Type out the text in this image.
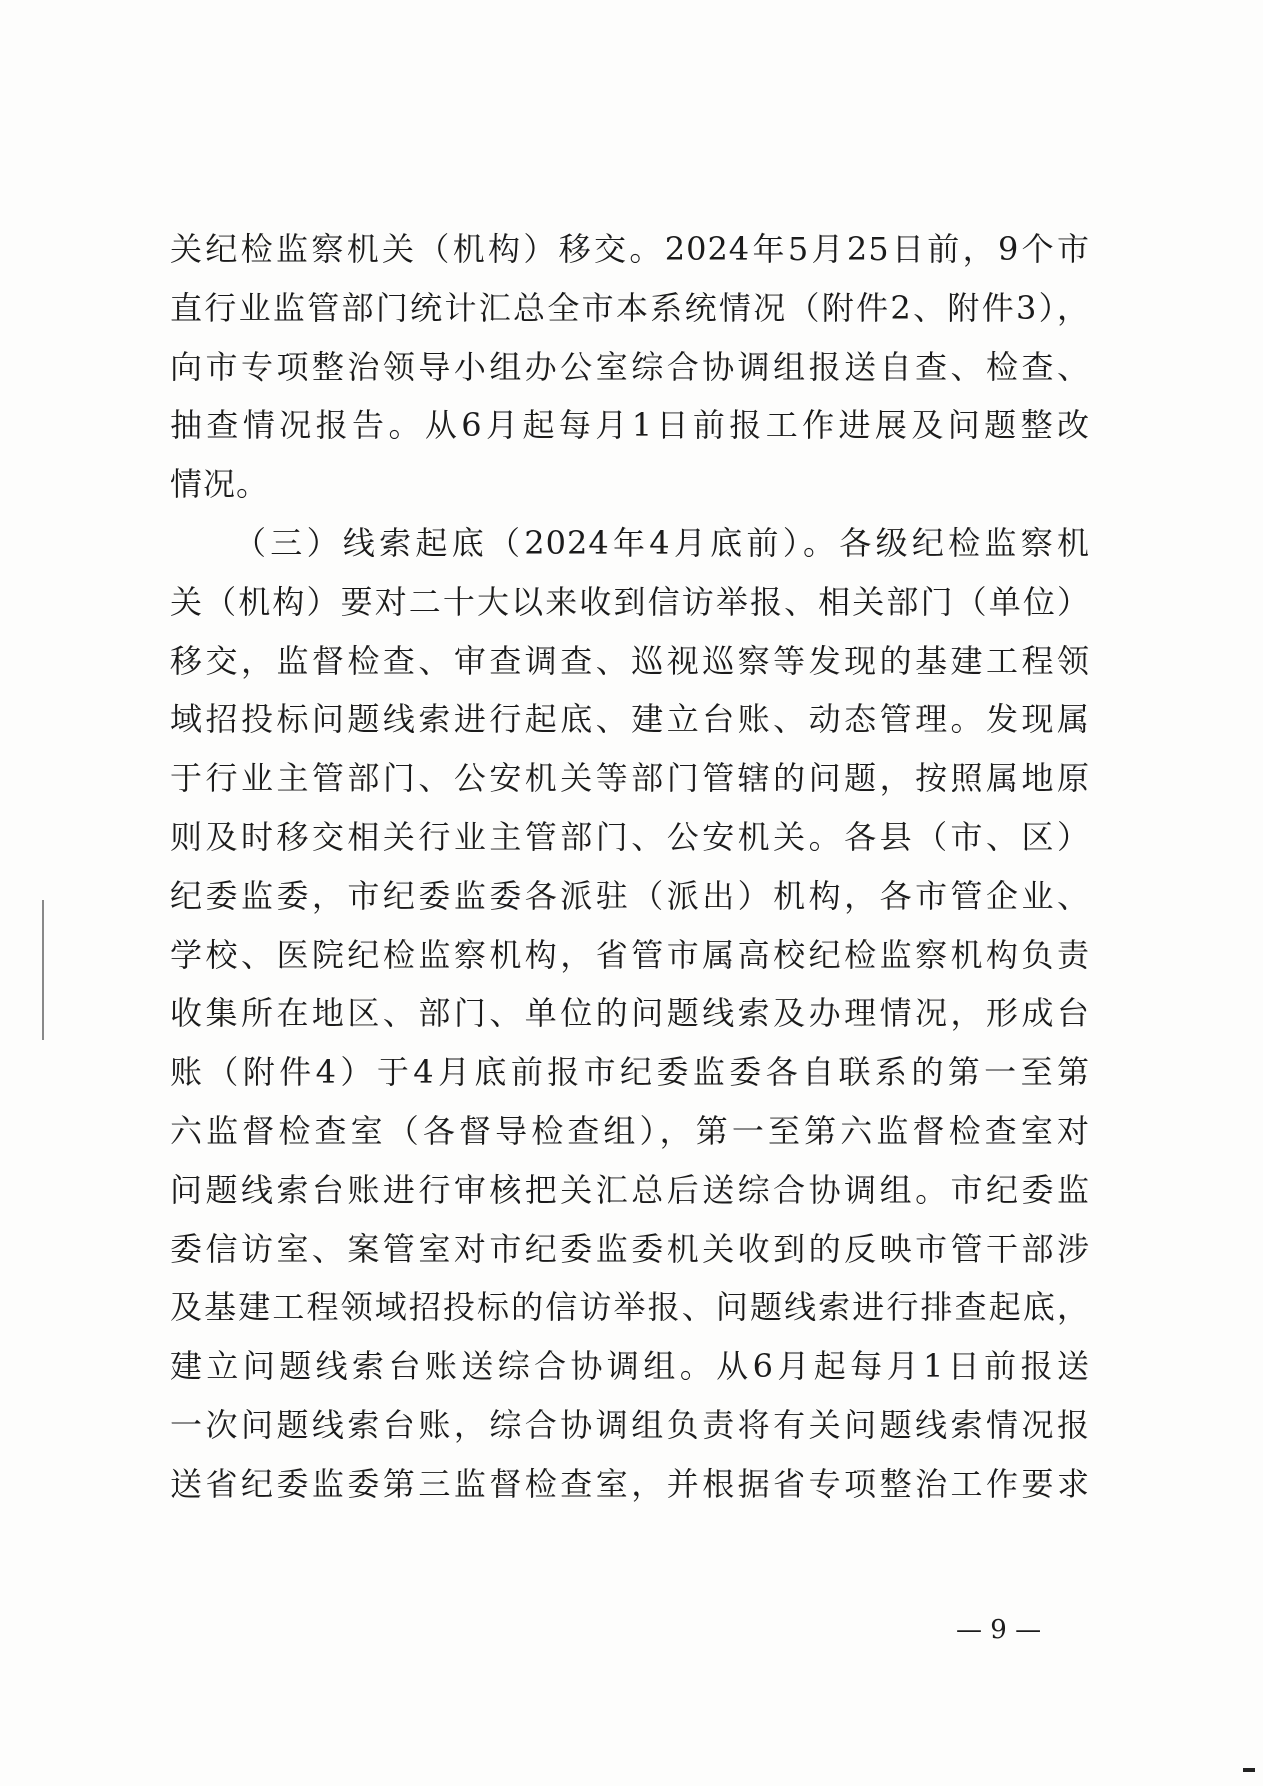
关纪检监察机关（机构）移交。2024年5月25日前，9个市
直行业监管部门统计汇总全市本系统情况（附件2、附件3），
向市专项整治领导小组办公室综合协调组报送自查、检查、
抽查情况报告。从6月起每月1日前报工作进展及问题整改
情况。
（三）线索起底（2024年4月底前）。各级纪检监察机
关（机构）要对二十大以来收到信访举报、相关部门（单位）
移交，监督检查、审查调查、巡视巡察等发现的基建工程领
域招投标问题线索进行起底、建立台账、动态管理。发现属
于行业主管部门、公安机关等部门管辖的问题，按照属地原
则及时移交相关行业主管部门、公安机关。各县（市、区）
纪委监委，市纪委监委各派驻（派出）机构，各市管企业、
学校、医院纪检监察机构，省管市属高校纪检监察机构负责
收集所在地区、部门、单位的问题线索及办理情况，形成台
账（附件4）于4月底前报市纪委监委各自联系的第一至第
六监督检查室（各督导检查组），第一至第六监督检查室对
问题线索台账进行审核把关汇总后送综合协调组。市纪委监
委信访室、案管室对市纪委监委机关收到的反映市管干部涉
及基建工程领域招投标的信访举报、问题线索进行排查起底，
建立问题线索台账送综合协调组。从6月起每月1日前报送
一次问题线索台账，综合协调组负责将有关问题线索情况报
送省纪委监委第三监督检查室，并根据省专项整治工作要求
— 9 —
